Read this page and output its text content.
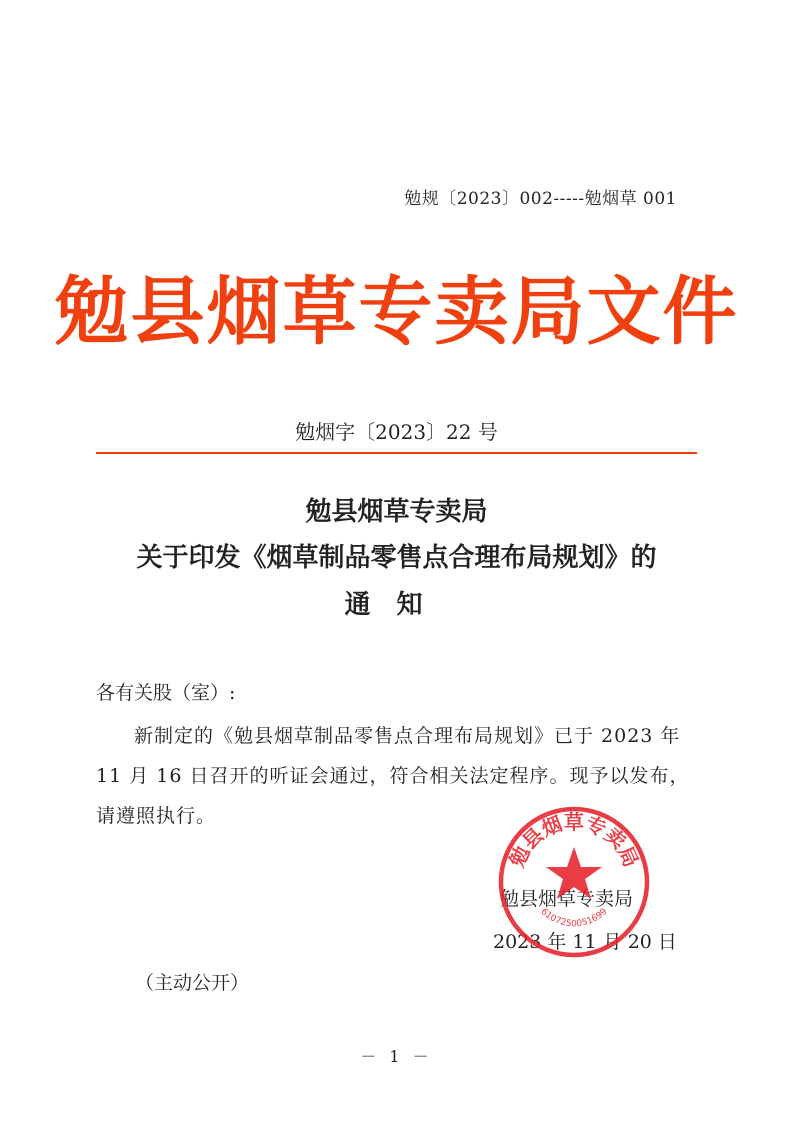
勉规〔2023〕002-----勉烟草 001
勉县烟草专卖局文件
勉烟字〔2023〕22 号
勉县烟草专卖局
关于印发《烟草制品零售点合理布局规划》的
通知
各有关股（室）:

新制定的《勉县烟草制品零售点合理布局规划》已于 2023 年 11 月 16 日召开的听证会通过，符合相关法定程序。现予以发布，请遵照执行。

勉县烟草专卖局
2023 年 11 月 20 日
勉县烟草专卖局
6107250051699
（主动公开）
－ 1 －
